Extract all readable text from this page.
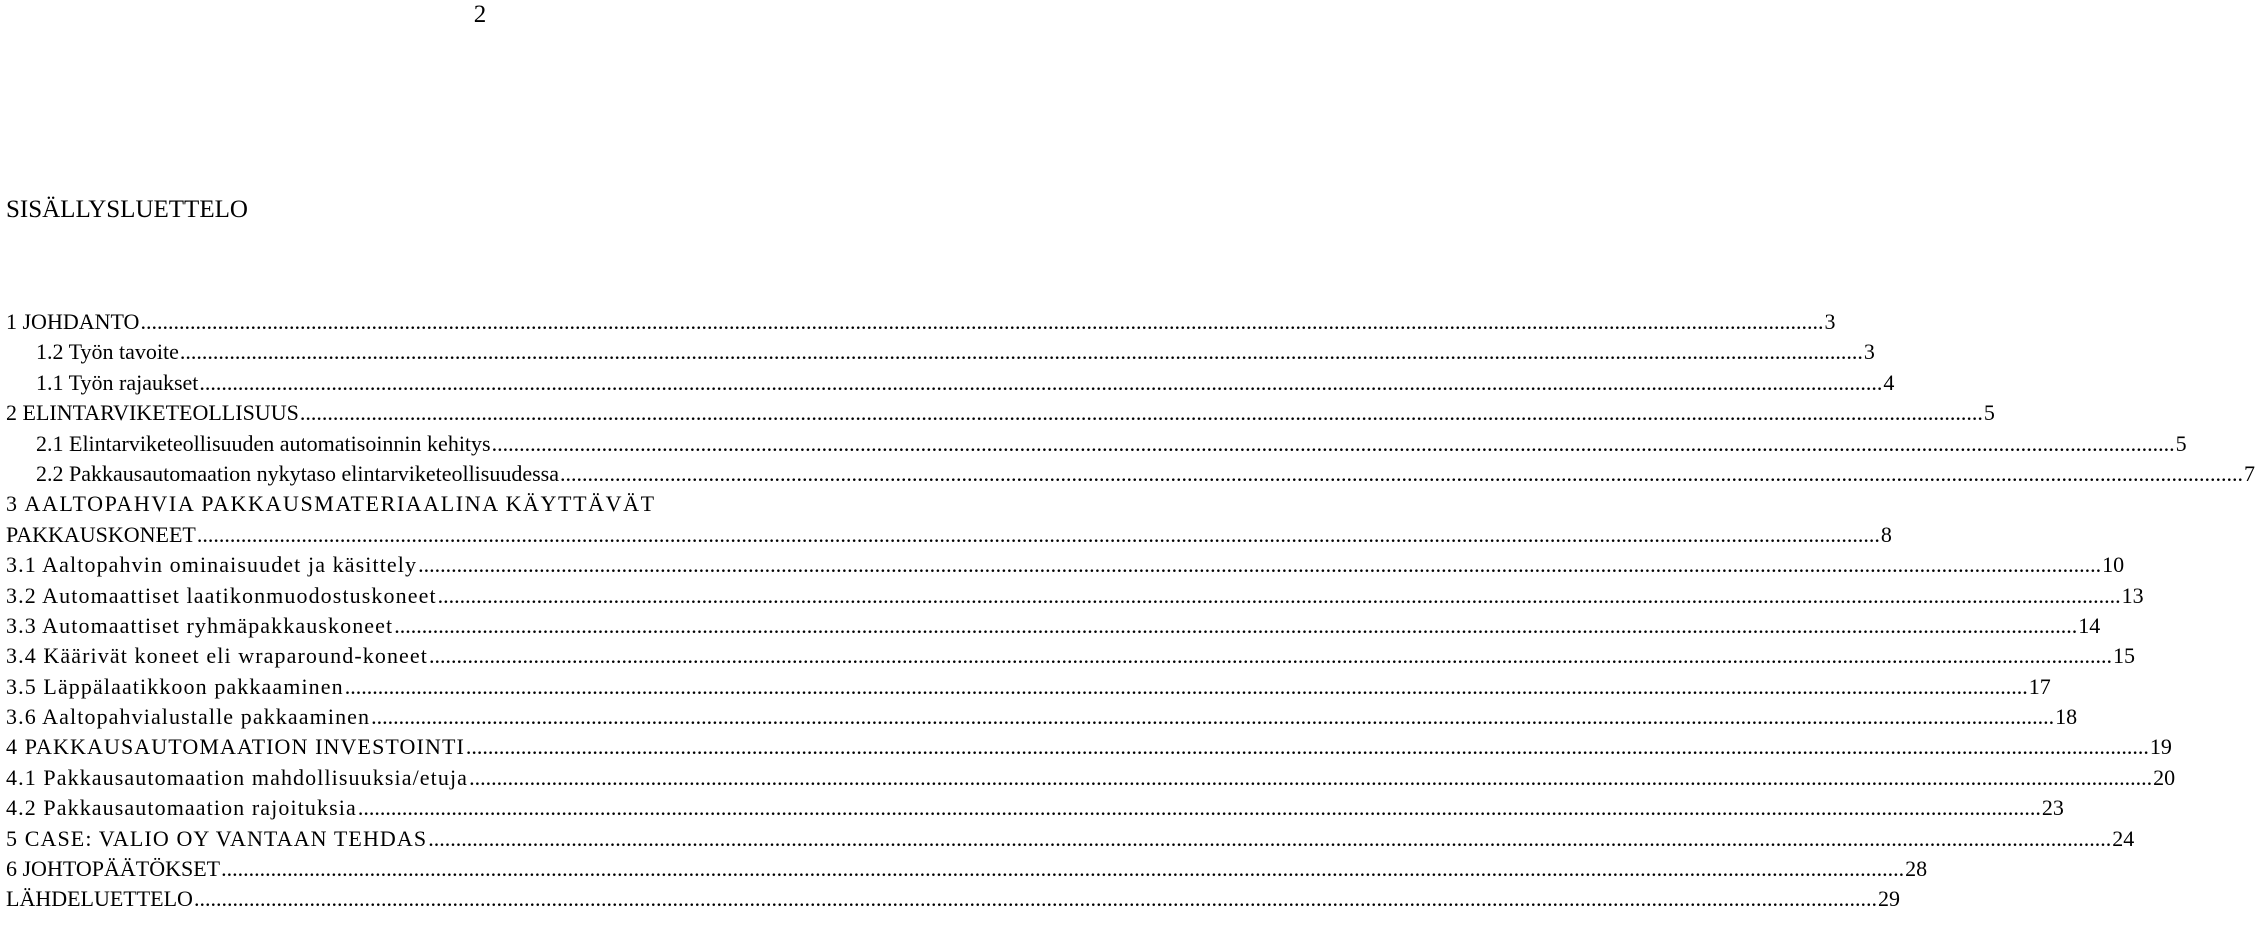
2
SISÄLLYSLUETTELO
1 JOHDANTO .....	3
1.2 Työn tavoite .....	3
1.1 Työn rajaukset .....	4
2 ELINTARVIKETEOLLISUUS .....	5
2.1 Elintarviketeollisuuden automatisoinnin kehitys .....	5
2.2 Pakkausautomaation nykytaso elintarviketeollisuudessa .....	7
3 AALTOPAHVIA PAKKAUSMATERIAALINA KÄYTTÄVÄT
PAKKAUSKONEET .....	8
3.1 Aaltopahvin ominaisuudet ja käsittely .....	10
3.2 Automaattiset laatikonmuodostuskoneet .....	13
3.3 Automaattiset ryhmäpakkauskoneet .....	14
3.4 Käärivät koneet eli wraparound-koneet .....	15
3.5 Läppälaatikkoon pakkaaminen .....	17
3.6 Aaltopahvialustalle pakkaaminen .....	18
4 PAKKAUSAUTOMAATION INVESTOINTI .....	19
4.1 Pakkausautomaation mahdollisuuksia/etuja .....	20
4.2 Pakkausautomaation rajoituksia .....	23
5 CASE: VALIO OY VANTAAN TEHDAS .....	24
6 JOHTOPÄÄTÖKSET .....	28
LÄHDELUETTELO .....	29
